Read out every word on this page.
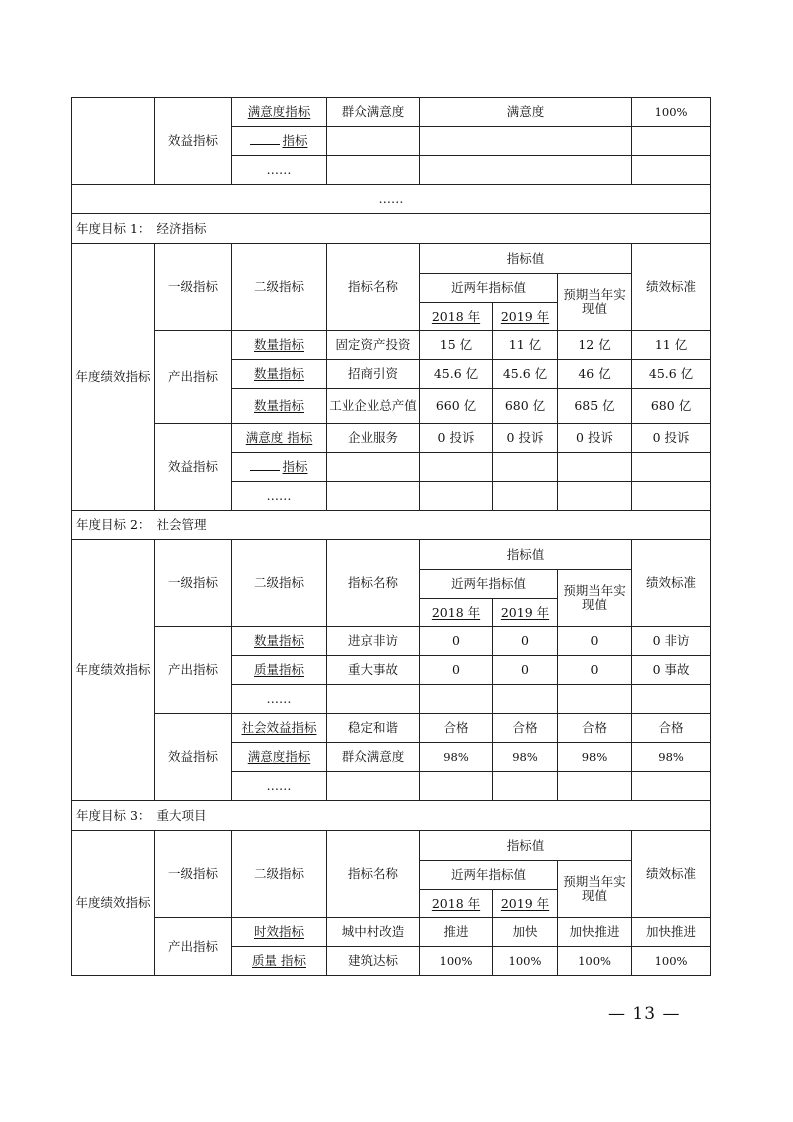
	效益指标	满意度指标	群众满意度	满意度			100%
		指标					
		……					
……							
年度目标 1：	经济指标						
年度绩效指标	一级指标	二级指标	指标名称	指标值			绩效标准
				近两年指标值		预期当年实现值	
				2018 年	2019 年		
	产出指标	数量指标	固定资产投资	15 亿	11 亿	12 亿	11 亿
		数量指标	招商引资	45.6 亿	45.6 亿	46 亿	45.6 亿
		数量指标	工业企业总产值	660 亿	680 亿	685 亿	680 亿
	效益指标	满意度 指标	企业服务	0 投诉	0 投诉	0 投诉	0 投诉
		指标					
		……					
年度目标 2：	社会管理						
年度绩效指标	一级指标	二级指标	指标名称	指标值			绩效标准
				近两年指标值		预期当年实现值	
				2018 年	2019 年		
	产出指标	数量指标	进京非访	0	0	0	0 非访
		质量指标	重大事故	0	0	0	0 事故
		……					
	效益指标	社会效益指标	稳定和谐	合格	合格	合格	合格
		满意度指标	群众满意度	98%	98%	98%	98%
		……					
年度目标 3：	重大项目						
年度绩效指标	一级指标	二级指标	指标名称	指标值			绩效标准
				近两年指标值		预期当年实现值	
				2018 年	2019 年		
	产出指标	时效指标	城中村改造	推进	加快	加快推进	加快推进
		质量 指标	建筑达标	100%	100%	100%	100%
— 13 —
